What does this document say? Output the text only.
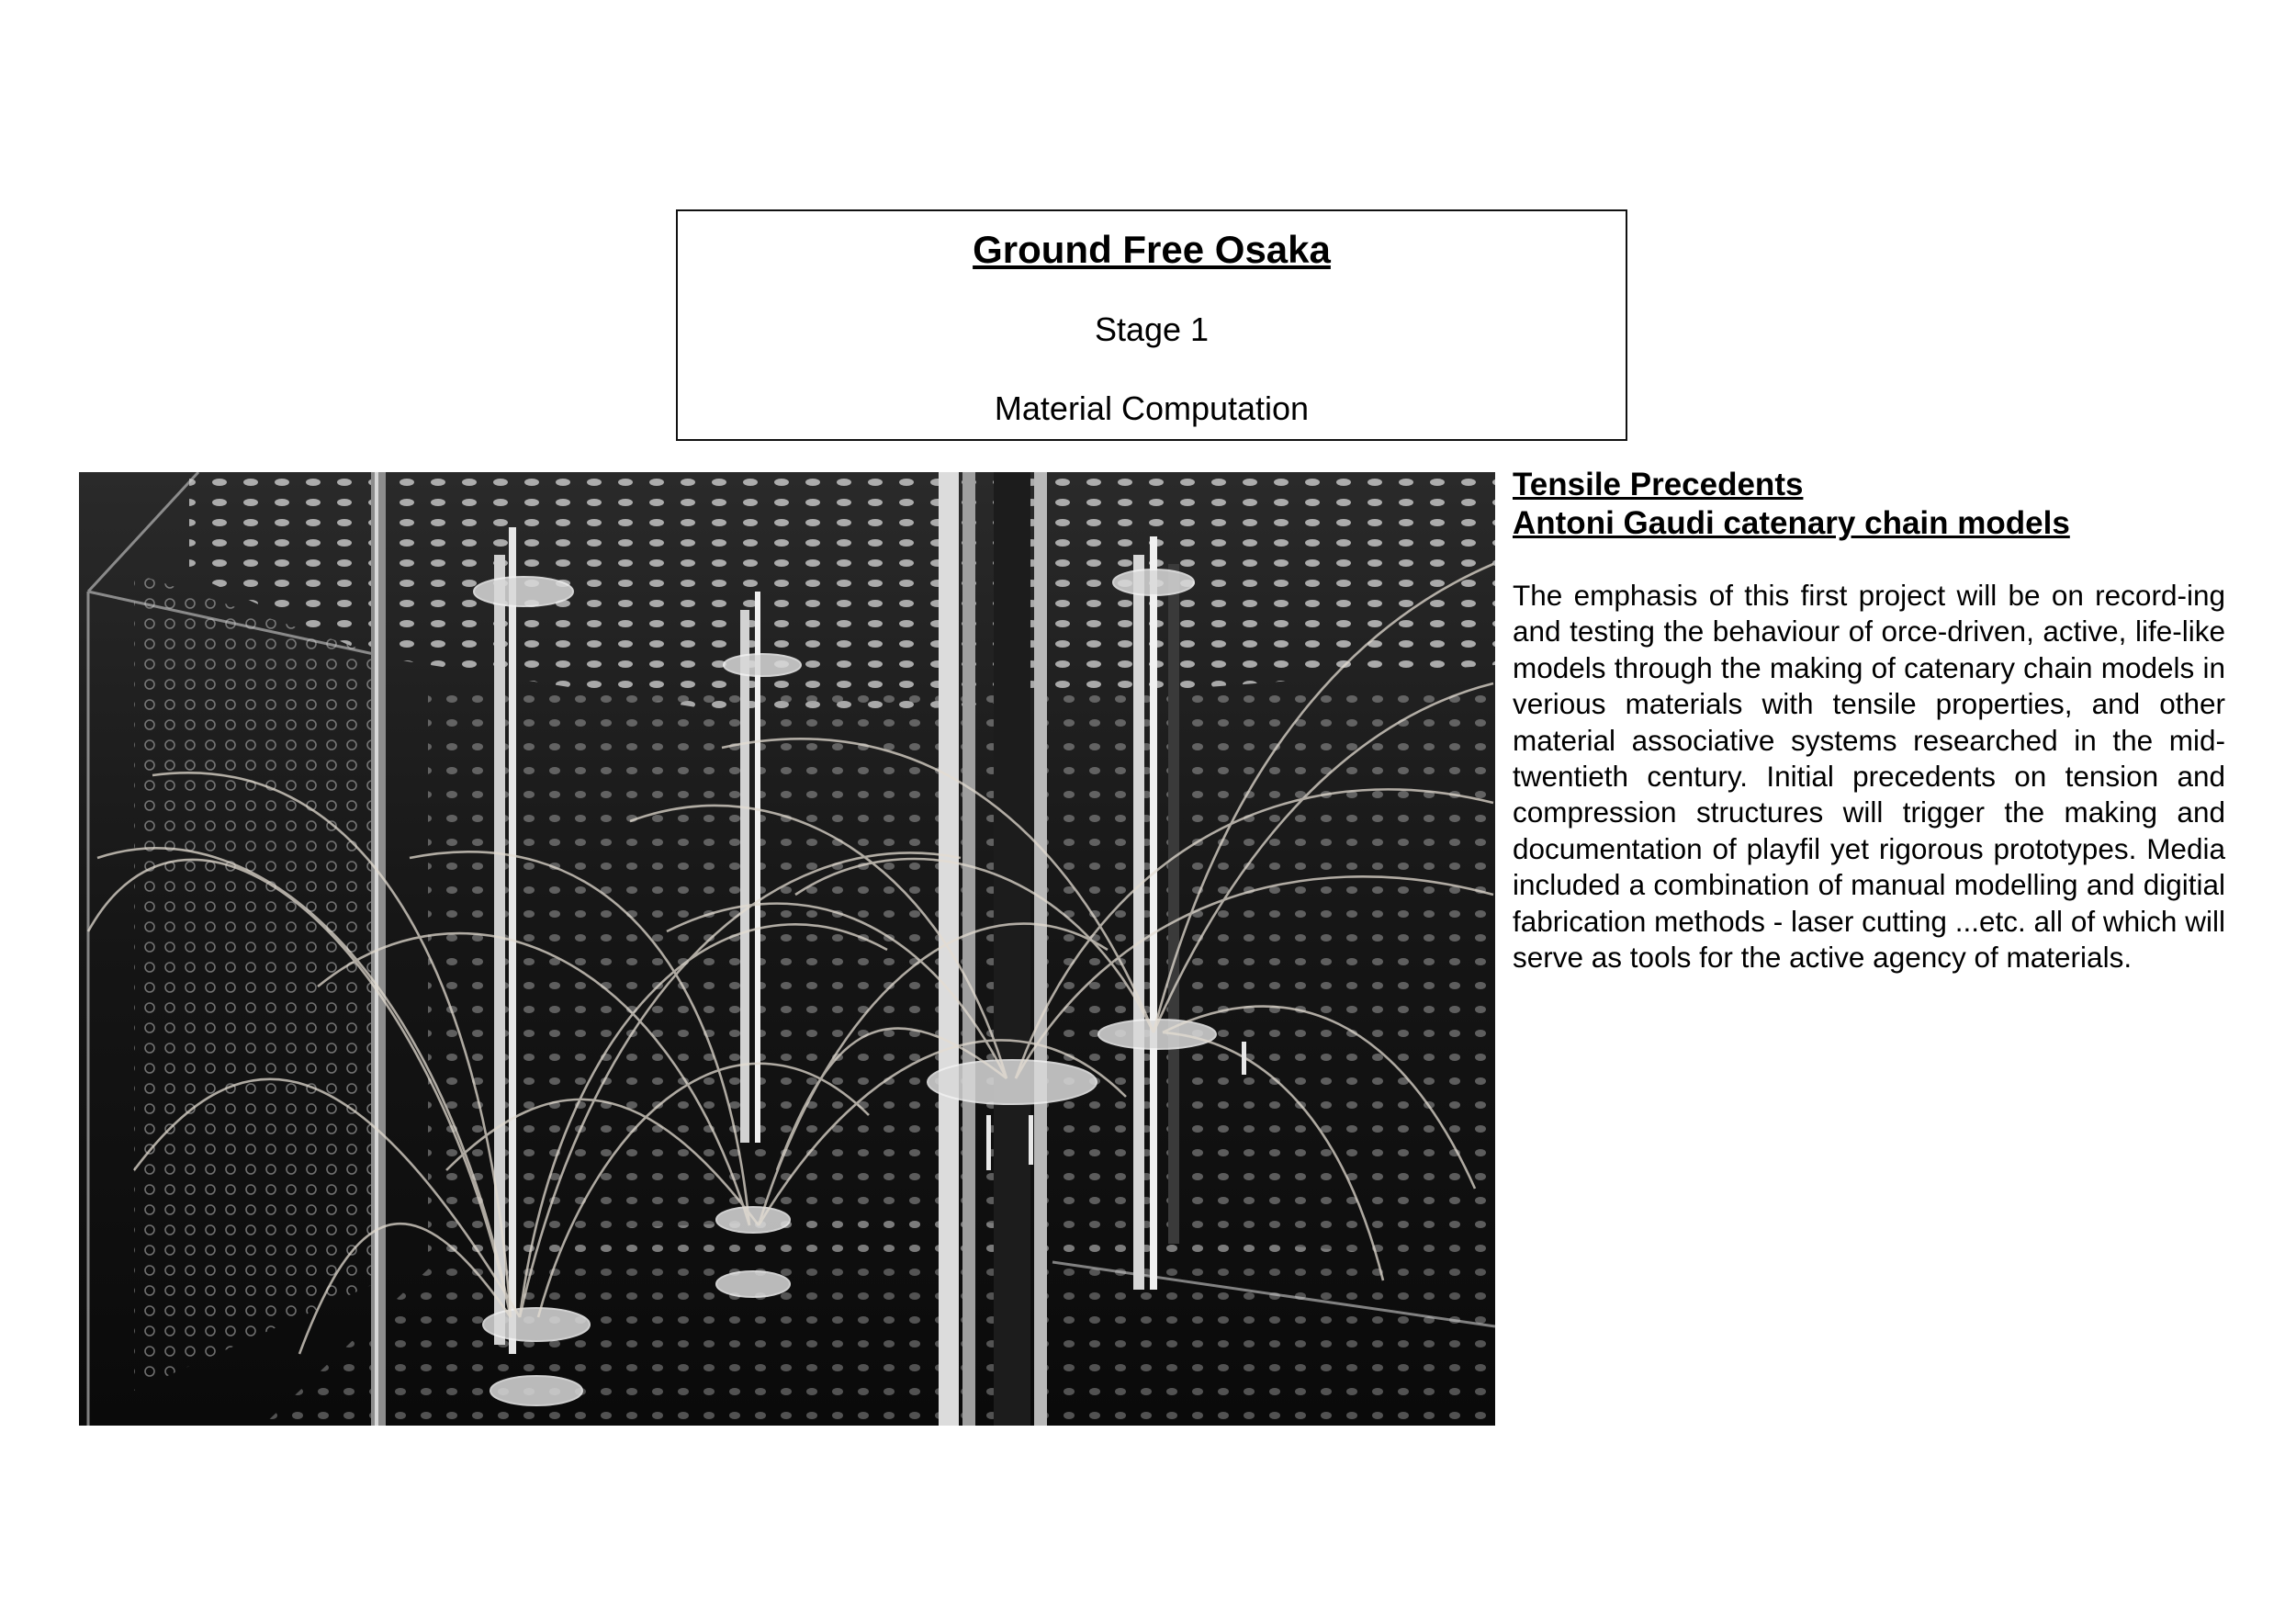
Ground Free Osaka
Stage 1
Material Computation
Tensile Precedents
Antoni Gaudi catenary chain models
The emphasis of this first project will be on record-ing and testing the behaviour of orce-driven, active, life-like models through the making of catenary chain models in verious materials with tensile properties, and other material associative systems researched in the mid-twentieth century. Initial precedents on tension and compression structures will trigger the making and documentation of playfil yet rigorous prototypes. Media included a combination of manual modelling and digitial fabrication methods - laser cutting ...etc. all of which will serve as tools for the active agency of materials.
